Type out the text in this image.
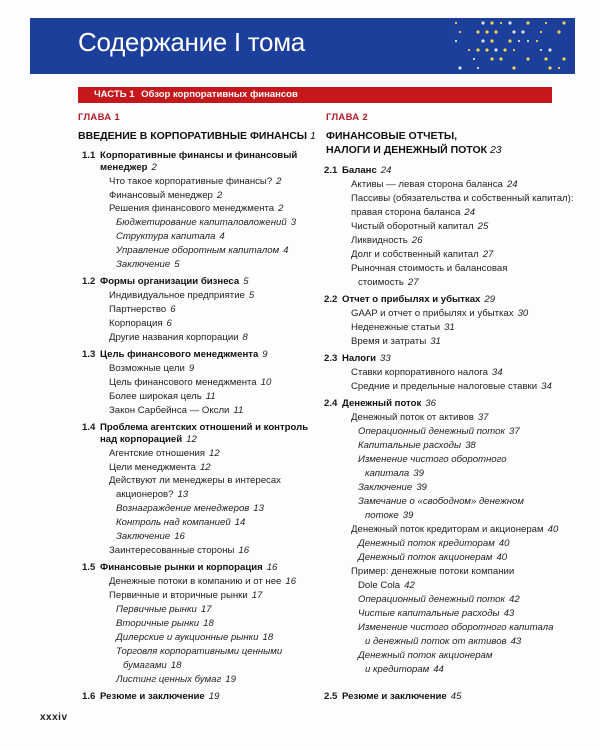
Содержание I тома
ЧАСТЬ 1 Обзор корпоративных финансов
ГЛАВА 1
ВВЕДЕНИЕ В КОРПОРАТИВНЫЕ ФИНАНСЫ 1
ГЛАВА 2
ФИНАНСОВЫЕ ОТЧЕТЫ,
НАЛОГИ И ДЕНЕЖНЫЙ ПОТОК 23
1.1 Корпоративные финансы и финансовый
менеджер 2
Что такое корпоративные финансы? 2
Финансовый менеджер 2
Решения финансового менеджмента 2
Бюджетирование капиталовложений 3
Структура капитала 4
Управление оборотным капиталом 4
Заключение 5
1.2 Формы организации бизнеса 5
Индивидуальное предприятие 5
Партнерство 6
Корпорация 6
Другие названия корпорации 8
1.3 Цель финансового менеджмента 9
Возможные цели 9
Цель финансового менеджмента 10
Более широкая цель 11
Закон Сарбейнса — Оксли 11
1.4 Проблема агентских отношений и контроль
над корпорацией 12
Агентские отношения 12
Цели менеджмента 12
Действуют ли менеджеры в интересах
акционеров? 13
Вознаграждение менеджеров 13
Контроль над компанией 14
Заключение 16
Заинтересованные стороны 16
1.5 Финансовые рынки и корпорация 16
Денежные потоки в компанию и от нее 16
Первичные и вторичные рынки 17
Первичные рынки 17
Вторичные рынки 18
Дилерские и аукционные рынки 18
Торговля корпоративными ценными
бумагами 18
Листинг ценных бумаг 19
1.6 Резюме и заключение 19
2.1 Баланс 24
Активы — левая сторона баланса 24
Пассивы (обязательства и собственный капитал):
правая сторона баланса 24
Чистый оборотный капитал 25
Ликвидность 26
Долг и собственный капитал 27
Рыночная стоимость и балансовая
стоимость 27
2.2 Отчет о прибылях и убытках 29
GAAP и отчет о прибылях и убытках 30
Неденежные статьи 31
Время и затраты 31
2.3 Налоги 33
Ставки корпоративного налога 34
Средние и предельные налоговые ставки 34
2.4 Денежный поток 36
Денежный поток от активов 37
Операционный денежный поток 37
Капитальные расходы 38
Изменение чистого оборотного
капитала 39
Заключение 39
Замечание о «свободном» денежном
потоке 39
Денежный поток кредиторам и акционерам 40
Денежный поток кредиторам 40
Денежный поток акционерам 40
Пример: денежные потоки компании
Dole Cola 42
Операционный денежный поток 42
Чистые капитальные расходы 43
Изменение чистого оборотного капитала
и денежный поток от активов 43
Денежный поток акционерам
и кредиторам 44
2.5 Резюме и заключение 45
xxxiv
